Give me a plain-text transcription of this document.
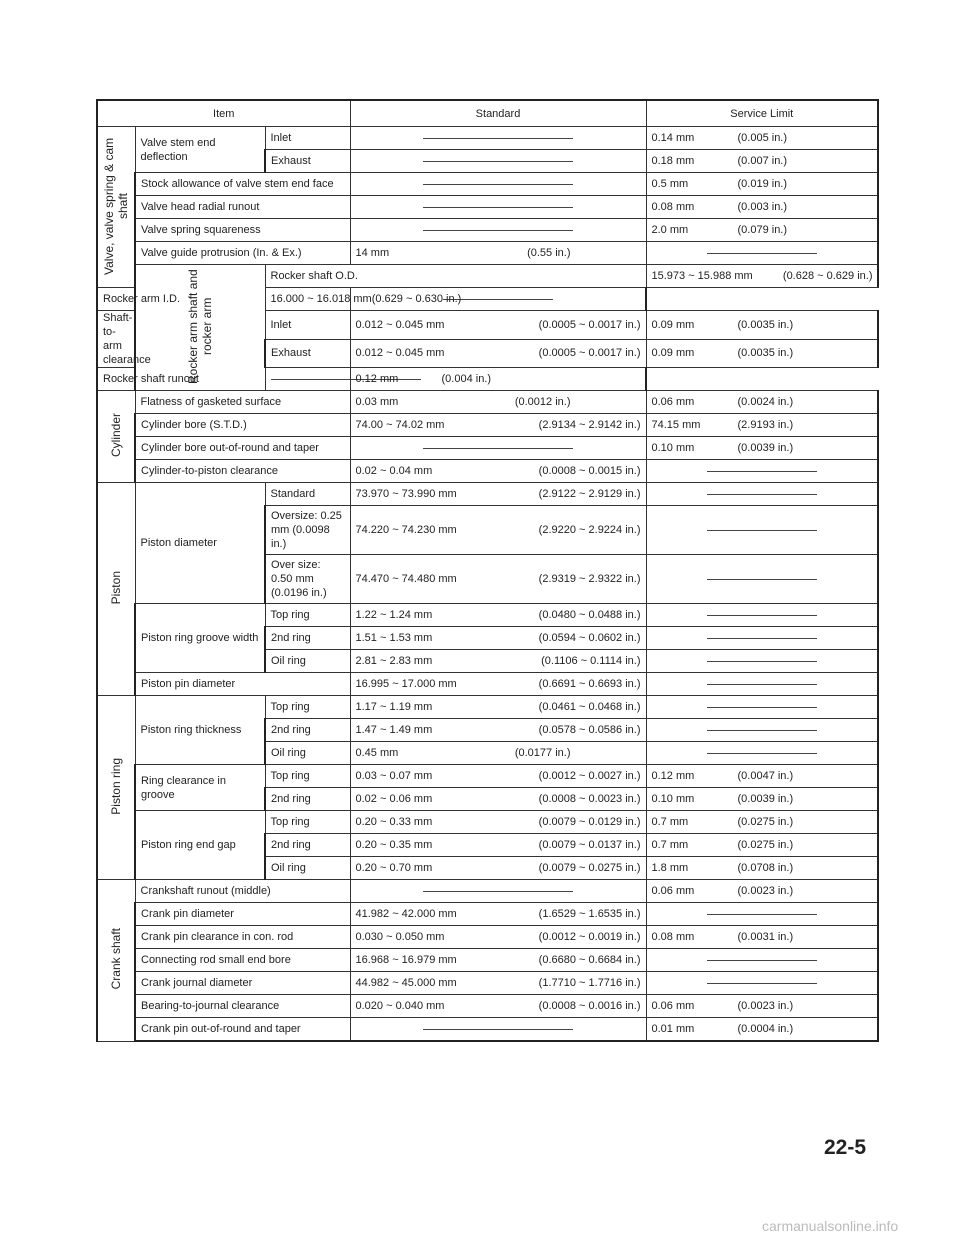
Item			Standard	Service Limit	
Valve, valve spring & cam shaft	Valve stem end deflection	Inlet		0.14 mm (0.005 in.)	

		Exhaust		0.18 mm (0.007 in.)	

	Stock allowance of valve stem end face			0.5 mm (0.019 in.)	

	Valve head radial runout			0.08 mm (0.003 in.)	

	Valve spring squareness			2.0 mm (0.079 in.)	

	Valve guide protrusion (In. & Ex.)		14 mm (0.55 in.)		

	Rocker arm shaft and rocker arm	Rocker shaft O.D.		15.973 ~ 15.988 mm (0.628 ~ 0.629 in.)	

Rocker arm I.D.		16.000 ~ 16.018 mm (0.629 ~ 0.630 in.)			

Shaft-to-arm clearance		Inlet	0.012 ~ 0.045 mm (0.0005 ~ 0.0017 in.)	0.09 mm (0.0035 in.)	

		Exhaust	0.012 ~ 0.045 mm (0.0005 ~ 0.0017 in.)	0.09 mm (0.0035 in.)	

Rocker shaft runout			0.12 mm (0.004 in.)		

Cylinder	Flatness of gasketed surface		0.03 mm (0.0012 in.)	0.06 mm (0.0024 in.)	

	Cylinder bore (S.T.D.)		74.00 ~ 74.02 mm (2.9134 ~ 2.9142 in.)	74.15 mm (2.9193 in.)	

	Cylinder bore out-of-round and taper			0.10 mm (0.0039 in.)	

	Cylinder-to-piston clearance		0.02 ~ 0.04 mm (0.0008 ~ 0.0015 in.)		

Piston	Piston diameter	Standard	73.970 ~ 73.990 mm (2.9122 ~ 2.9129 in.)		

		Oversize: 0.25 mm (0.0098 in.)	74.220 ~ 74.230 mm (2.9220 ~ 2.9224 in.)		

		Over size: 0.50 mm (0.0196 in.)	74.470 ~ 74.480 mm (2.9319 ~ 2.9322 in.)		

	Piston ring groove width	Top ring	1.22 ~ 1.24 mm (0.0480 ~ 0.0488 in.)		

		2nd ring	1.51 ~ 1.53 mm (0.0594 ~ 0.0602 in.)		

		Oil ring	2.81 ~ 2.83 mm (0.1106 ~ 0.1114 in.)		

	Piston pin diameter		16.995 ~ 17.000 mm (0.6691 ~ 0.6693 in.)		

Piston ring	Piston ring thickness	Top ring	1.17 ~ 1.19 mm (0.0461 ~ 0.0468 in.)		

		2nd ring	1.47 ~ 1.49 mm (0.0578 ~ 0.0586 in.)		

		Oil ring	0.45 mm (0.0177 in.)		

	Ring clearance in groove	Top ring	0.03 ~ 0.07 mm (0.0012 ~ 0.0027 in.)	0.12 mm (0.0047 in.)	

		2nd ring	0.02 ~ 0.06 mm (0.0008 ~ 0.0023 in.)	0.10 mm (0.0039 in.)	

	Piston ring end gap	Top ring	0.20 ~ 0.33 mm (0.0079 ~ 0.0129 in.)	0.7 mm (0.0275 in.)	

		2nd ring	0.20 ~ 0.35 mm (0.0079 ~ 0.0137 in.)	0.7 mm (0.0275 in.)	

		Oil ring	0.20 ~ 0.70 mm (0.0079 ~ 0.0275 in.)	1.8 mm (0.0708 in.)	

Crank shaft	Crankshaft runout (middle)			0.06 mm (0.0023 in.)	

	Crank pin diameter		41.982 ~ 42.000 mm (1.6529 ~ 1.6535 in.)		

	Crank pin clearance in con. rod		0.030 ~ 0.050 mm (0.0012 ~ 0.0019 in.)	0.08 mm (0.0031 in.)	

	Connecting rod small end bore		16.968 ~ 16.979 mm (0.6680 ~ 0.6684 in.)		

	Crank journal diameter		44.982 ~ 45.000 mm (1.7710 ~ 1.7716 in.)		

	Bearing-to-journal clearance		0.020 ~ 0.040 mm (0.0008 ~ 0.0016 in.)	0.06 mm (0.0023 in.)	

	Crank pin out-of-round and taper			0.01 mm (0.0004 in.)	
22-5
carmanualsonline.info
